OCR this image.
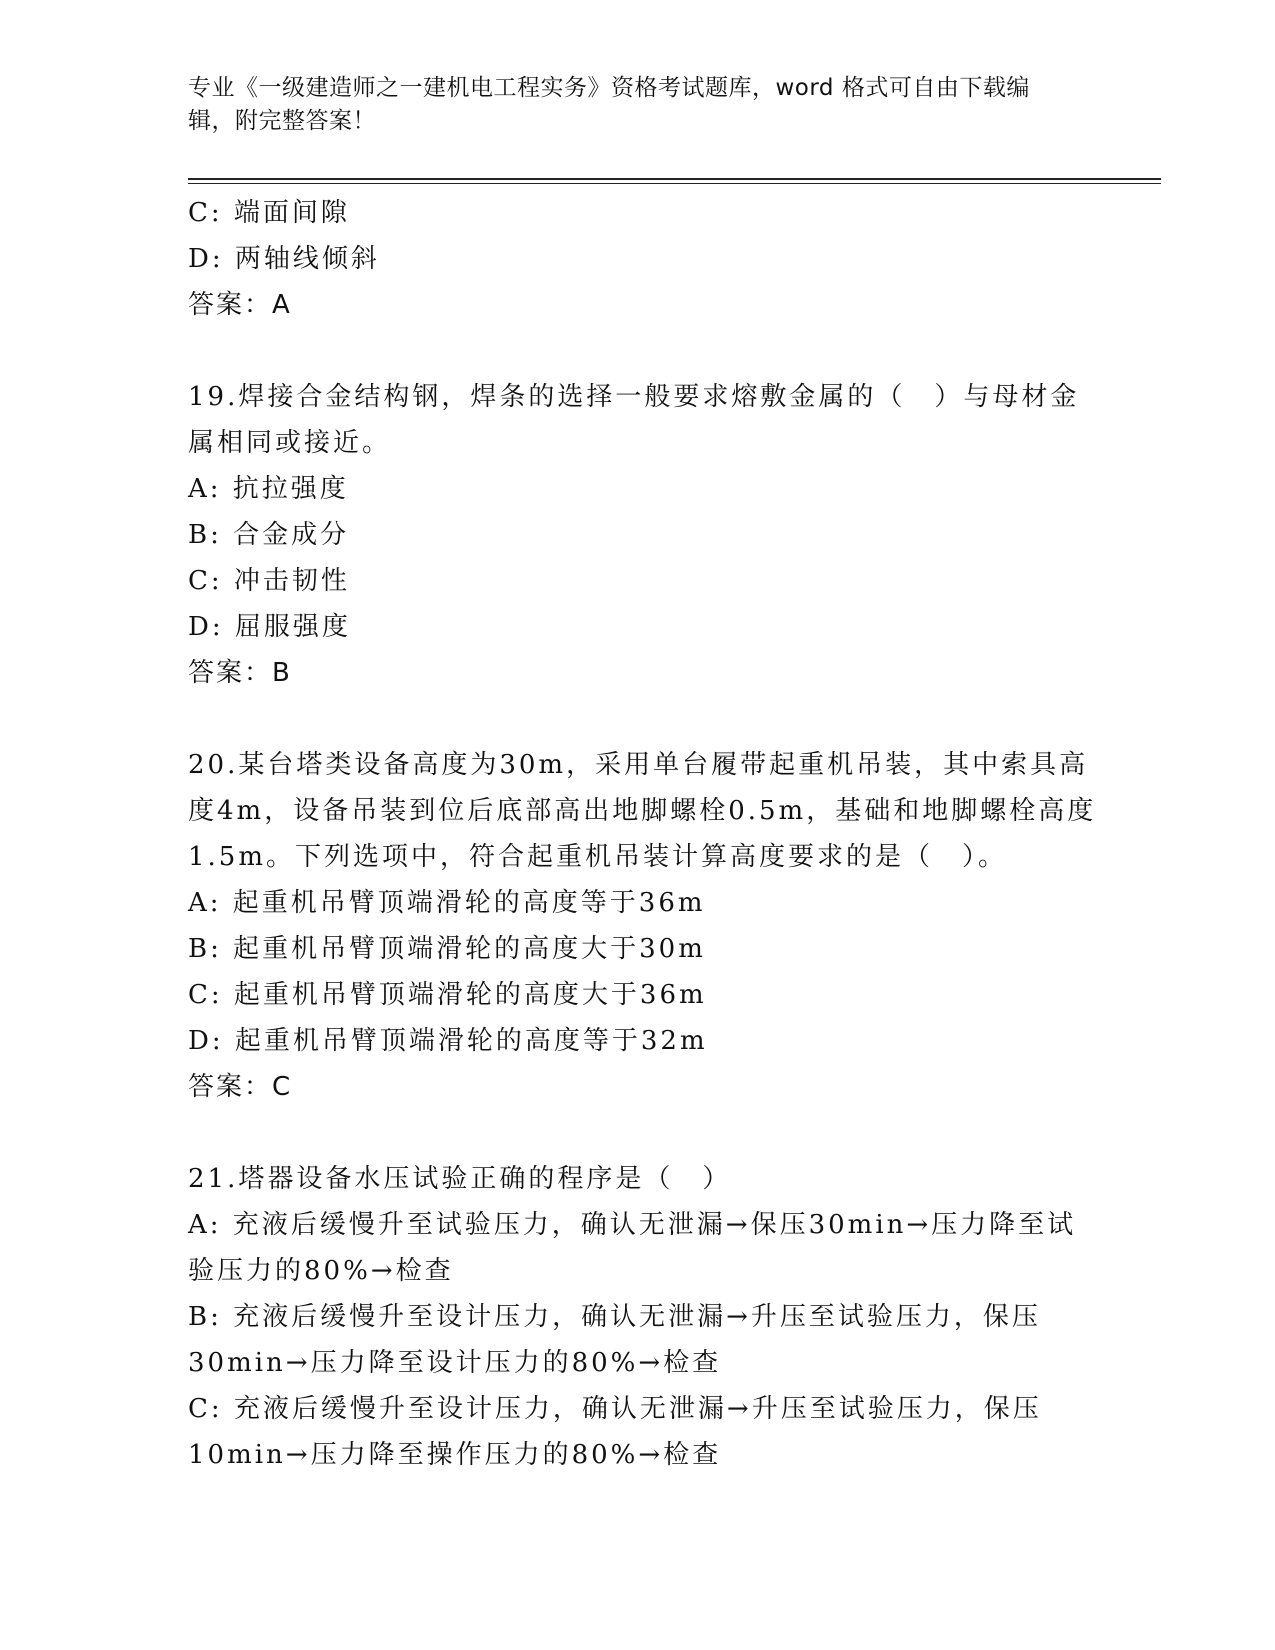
专业《一级建造师之一建机电工程实务》资格考试题库，word 格式可自由下载编
辑，附完整答案！
C: 端面间隙
D: 两轴线倾斜
答案：A
19.焊接合金结构钢，焊条的选择一般要求熔敷金属的（　）与母材金
属相同或接近。
A: 抗拉强度
B: 合金成分
C: 冲击韧性
D: 屈服强度
答案：B
20.某台塔类设备高度为30m，采用单台履带起重机吊装，其中索具高
度4m，设备吊装到位后底部高出地脚螺栓0.5m，基础和地脚螺栓高度
1.5m。下列选项中，符合起重机吊装计算高度要求的是（　）。
A: 起重机吊臂顶端滑轮的高度等于36m
B: 起重机吊臂顶端滑轮的高度大于30m
C: 起重机吊臂顶端滑轮的高度大于36m
D: 起重机吊臂顶端滑轮的高度等于32m
答案：C
21.塔器设备水压试验正确的程序是（　）
A: 充液后缓慢升至试验压力，确认无泄漏→保压30min→压力降至试
验压力的80%→检查
B: 充液后缓慢升至设计压力，确认无泄漏→升压至试验压力，保压
30min→压力降至设计压力的80%→检查
C: 充液后缓慢升至设计压力，确认无泄漏→升压至试验压力，保压
10min→压力降至操作压力的80%→检查
